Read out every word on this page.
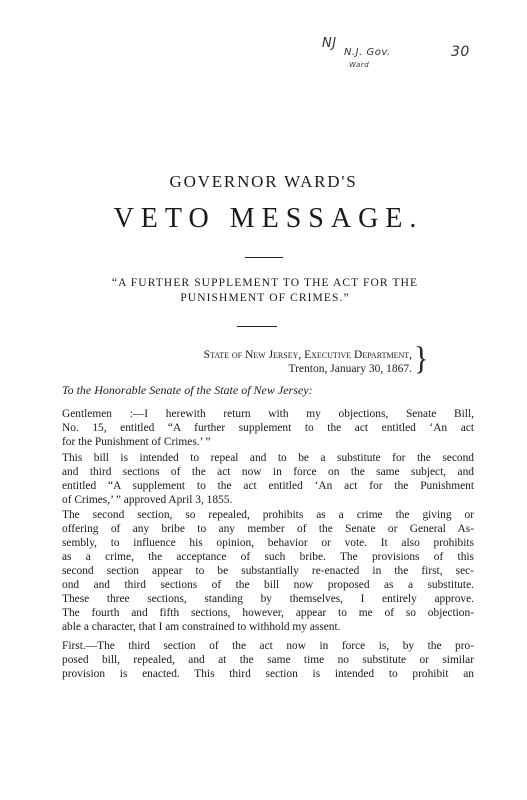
NJ
N.J. Gov.
Ward
30
GOVERNOR WARD'S
VETO MESSAGE.
“A FURTHER SUPPLEMENT TO THE ACT FOR THE
PUNISHMENT OF CRIMES.”
State of New Jersey, Executive Department,
Trenton, January 30, 1867. }
To the Honorable Senate of the State of New Jersey:
Gentlemen :—I herewith return with my objections, Senate Bill,
No. 15, entitled “A further supplement to the act entitled ‘An act
for the Punishment of Crimes.’ ”
This bill is intended to repeal and to be a substitute for the second
and third sections of the act now in force on the same subject, and
entitled “A supplement to the act entitled ‘An act for the Punishment
of Crimes,’ ” approved April 3, 1855.
The second section, so repealed, prohibits as a crime the giving or
offering of any bribe to any member of the Senate or General As-
sembly, to influence his opinion, behavior or vote. It also prohibits
as a crime, the acceptance of such bribe. The provisions of this
second section appear to be substantially re-enacted in the first, sec-
ond and third sections of the bill now proposed as a substitute.
These three sections, standing by themselves, I entirely approve.
The fourth and fifth sections, however, appear to me of so objection-
able a character, that I am constrained to withhold my assent.
First.—The third section of the act now in force is, by the pro-
posed bill, repealed, and at the same time no substitute or similar
provision is enacted. This third section is intended to prohibit an
